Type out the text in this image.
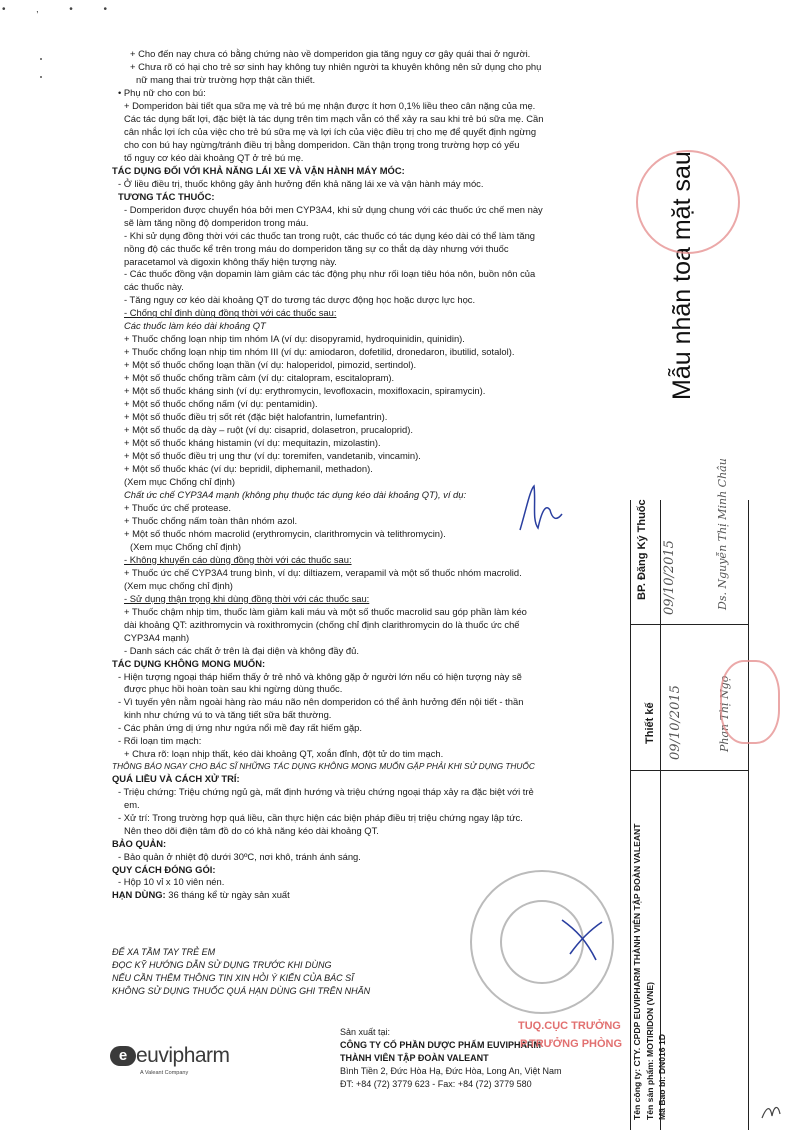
• ‚ • •
+ Cho đến nay chưa có bằng chứng nào về domperidon gia tăng nguy cơ gây quái thai ở người.
+ Chưa rõ có hại cho trẻ sơ sinh hay không tuy nhiên người ta khuyên không nên sử dụng cho phụ
nữ mang thai trừ trường hợp thật cần thiết.
• Phụ nữ cho con bú:
+ Domperidon bài tiết qua sữa mẹ và trẻ bú mẹ nhận được ít hơn 0,1% liều theo cân nặng của mẹ.
Các tác dụng bất lợi, đặc biệt là tác dụng trên tim mạch vẫn có thể xảy ra sau khi trẻ bú sữa mẹ. Cần
cân nhắc lợi ích của việc cho trẻ bú sữa mẹ và lợi ích của việc điều trị cho mẹ để quyết định ngừng
cho con bú hay ngừng/tránh điều trị bằng domperidon. Cần thận trọng trong trường hợp có yếu
tố nguy cơ kéo dài khoảng QT ở trẻ bú mẹ.
TÁC DỤNG ĐỐI VỚI KHẢ NĂNG LÁI XE VÀ VẬN HÀNH MÁY MÓC:
- Ở liều điều trị, thuốc không gây ảnh hưởng đến khả năng lái xe và vận hành máy móc.
TƯƠNG TÁC THUỐC:
- Domperidon được chuyển hóa bởi men CYP3A4, khi sử dụng chung với các thuốc ức chế men này
sẽ làm tăng nồng độ domperidon trong máu.
- Khi sử dụng đồng thời với các thuốc tan trong ruột, các thuốc có tác dụng kéo dài có thể làm tăng
nồng độ các thuốc kể trên trong máu do domperidon tăng sự co thắt dạ dày nhưng với thuốc
paracetamol và digoxin không thấy hiện tượng này.
- Các thuốc đồng vận dopamin làm giảm các tác động phụ như rối loạn tiêu hóa nôn, buồn nôn của
các thuốc này.
- Tăng nguy cơ kéo dài khoảng QT do tương tác dược động học hoặc dược lực học.
- Chống chỉ định dùng đồng thời với các thuốc sau:
Các thuốc làm kéo dài khoảng QT
+ Thuốc chống loạn nhịp tim nhóm IA (ví dụ: disopyramid, hydroquinidin, quinidin).
+ Thuốc chống loạn nhịp tim nhóm III (ví dụ: amiodaron, dofetilid, dronedaron, ibutilid, sotalol).
+ Một số thuốc chống loạn thần (ví dụ: haloperidol, pimozid, sertindol).
+ Một số thuốc chống trầm cảm (ví dụ: citalopram, escitalopram).
+ Một số thuốc kháng sinh (ví dụ: erythromycin, levofloxacin, moxifloxacin, spiramycin).
+ Một số thuốc chống nấm (ví dụ: pentamidin).
+ Một số thuốc điều trị sốt rét (đặc biệt halofantrin, lumefantrin).
+ Một số thuốc dạ dày – ruột (ví dụ: cisaprid, dolasetron, prucaloprid).
+ Một số thuốc kháng histamin (ví dụ: mequitazin, mizolastin).
+ Một số thuốc điều trị ung thư (ví dụ: toremifen, vandetanib, vincamin).
+ Một số thuốc khác (ví dụ: bepridil, diphemanil, methadon).
(Xem mục Chống chỉ định)
Chất ức chế CYP3A4 mạnh (không phụ thuộc tác dụng kéo dài khoảng QT), ví dụ:
+ Thuốc ức chế protease.
+ Thuốc chống nấm toàn thân nhóm azol.
+ Một số thuốc nhóm macrolid (erythromycin, clarithromycin và telithromycin).
(Xem mục Chống chỉ định)
- Không khuyến cáo dùng đồng thời với các thuốc sau:
+ Thuốc ức chế CYP3A4 trung bình, ví dụ: diltiazem, verapamil và một số thuốc nhóm macrolid.
(Xem mục chống chỉ định)
- Sử dụng thận trọng khi dùng đồng thời với các thuốc sau:
+ Thuốc chậm nhịp tim, thuốc làm giảm kali máu và một số thuốc macrolid sau góp phần làm kéo
dài khoảng QT: azithromycin và roxithromycin (chống chỉ định clarithromycin do là thuốc ức chế
CYP3A4 mạnh)
- Danh sách các chất ở trên là đại diện và không đầy đủ.
TÁC DỤNG KHÔNG MONG MUỐN:
- Hiện tượng ngoại tháp hiếm thấy ở trẻ nhỏ và không gặp ở người lớn nếu có hiện tượng này sẽ
được phục hồi hoàn toàn sau khi ngừng dùng thuốc.
- Vì tuyến yên nằm ngoài hàng rào máu não nên domperidon có thể ảnh hưởng đến nội tiết - thần
kinh như chứng vú to và tăng tiết sữa bất thường.
- Các phản ứng dị ứng như ngứa nổi mề đay rất hiếm gặp.
- Rối loạn tim mạch:
+ Chưa rõ: loạn nhịp thất, kéo dài khoảng QT, xoắn đỉnh, đột tử do tim mạch.
THÔNG BÁO NGAY CHO BÁC SĨ NHỮNG TÁC DỤNG KHÔNG MONG MUỐN GẶP PHẢI KHI SỬ DỤNG THUỐC
QUÁ LIỀU VÀ CÁCH XỬ TRÍ:
- Triệu chứng: Triệu chứng ngủ gà, mất định hướng và triệu chứng ngoại tháp xảy ra đặc biệt với trẻ
em.
- Xử trí: Trong trường hợp quá liều, cần thực hiện các biện pháp điều trị triệu chứng ngay lập tức.
Nên theo dõi điện tâm đồ do có khả năng kéo dài khoảng QT.
BẢO QUẢN:
- Bảo quản ở nhiệt độ dưới 30ºC, nơi khô, tránh ánh sáng.
QUY CÁCH ĐÓNG GÓI:
- Hộp 10 vỉ x 10 viên nén.
HẠN DÙNG: 36 tháng kể từ ngày sản xuất
ĐỂ XA TẦM TAY TRẺ EM
ĐỌC KỸ HƯỚNG DẪN SỬ DỤNG TRƯỚC KHI DÙNG
NẾU CẦN THÊM THÔNG TIN XIN HỎI Ý KIẾN CỦA BÁC SĨ
KHÔNG SỬ DỤNG THUỐC QUÁ HẠN DÙNG GHI TRÊN NHÃN
e euvipharm
A Valeant Company
Sản xuất tại:
CÔNG TY CỔ PHẦN DƯỢC PHẨM EUVIPHARM
THÀNH VIÊN TẬP ĐOÀN VALEANT
Bình Tiền 2, Đức Hòa Hạ, Đức Hòa, Long An, Việt Nam
ĐT: +84 (72) 3779 623 - Fax: +84 (72) 3779 580
Mẫu nhãn toa mặt sau
BP. Đăng Ký Thuốc 09/10/2015	Ds. Nguyễn Thị Minh Châu
Thiết kế 09/10/2015	Phan Thị Ngọ
Tên công ty: CTY. CPDP EUVIPHARM THÀNH VIÊN TẬP ĐOÀN VALEANT Tên sản phẩm: MOTIRIDON (VNE) Mã Bao bì: DN016 1D
TUQ.CỤC TRƯỞNG
P.TRƯỞNG PHÒNG
